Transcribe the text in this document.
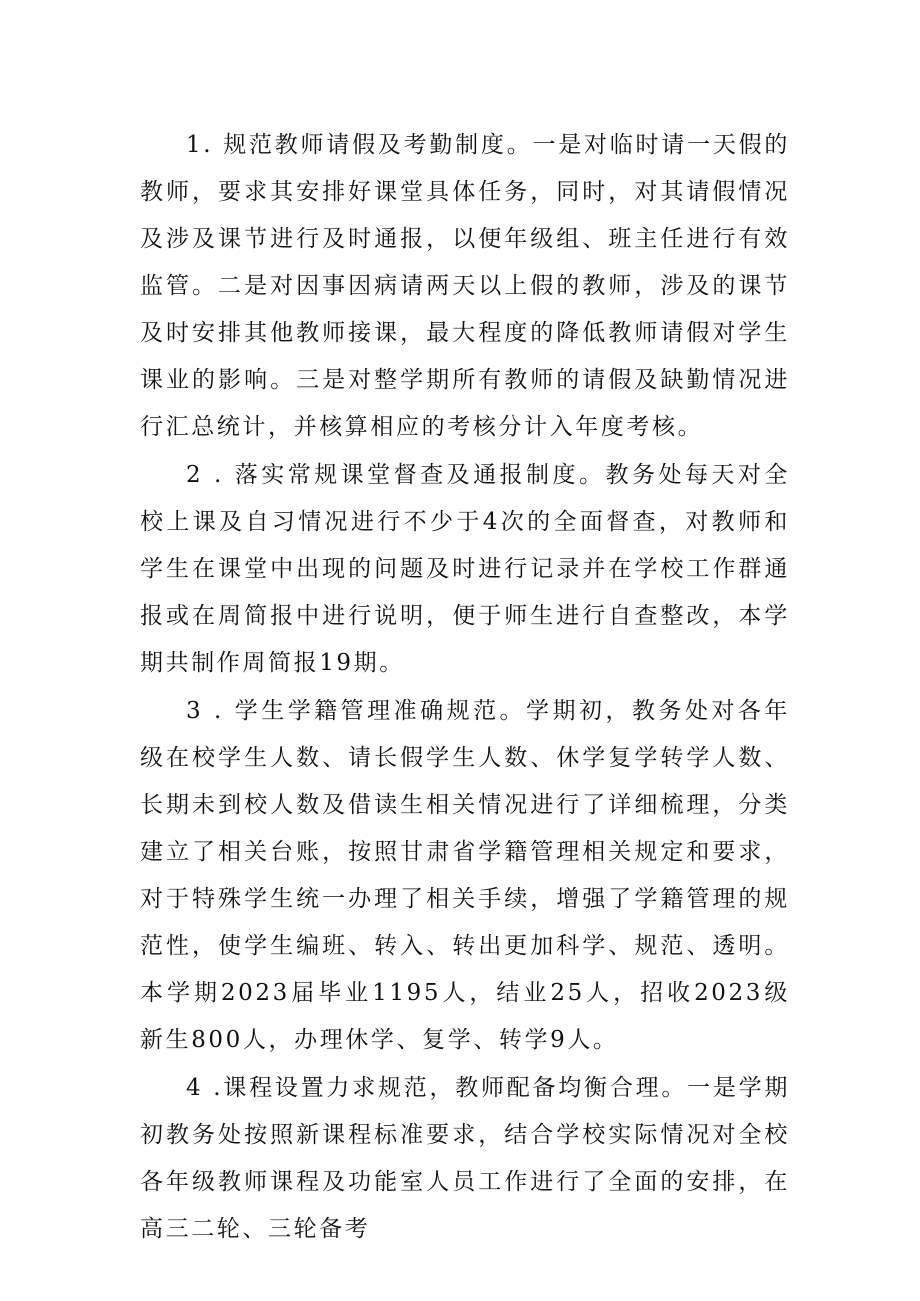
1. 规范教师请假及考勤制度。一是对临时请一天假的教师，要求其安排好课堂具体任务，同时，对其请假情况及涉及课节进行及时通报，以便年级组、班主任进行有效监管。二是对因事因病请两天以上假的教师，涉及的课节及时安排其他教师接课，最大程度的降低教师请假对学生课业的影响。三是对整学期所有教师的请假及缺勤情况进行汇总统计，并核算相应的考核分计入年度考核。

2 . 落实常规课堂督查及通报制度。教务处每天对全校上课及自习情况进行不少于4次的全面督查，对教师和学生在课堂中出现的问题及时进行记录并在学校工作群通报或在周简报中进行说明，便于师生进行自查整改，本学期共制作周简报19期。

3 . 学生学籍管理准确规范。学期初，教务处对各年级在校学生人数、请长假学生人数、休学复学转学人数、长期未到校人数及借读生相关情况进行了详细梳理，分类建立了相关台账，按照甘肃省学籍管理相关规定和要求，对于特殊学生统一办理了相关手续，增强了学籍管理的规范性，使学生编班、转入、转出更加科学、规范、透明。本学期2023届毕业1195人，结业25人，招收2023级新生800人，办理休学、复学、转学9人。

4 .课程设置力求规范，教师配备均衡合理。一是学期初教务处按照新课程标准要求，结合学校实际情况对全校各年级教师课程及功能室人员工作进行了全面的安排，在高三二轮、三轮备考
